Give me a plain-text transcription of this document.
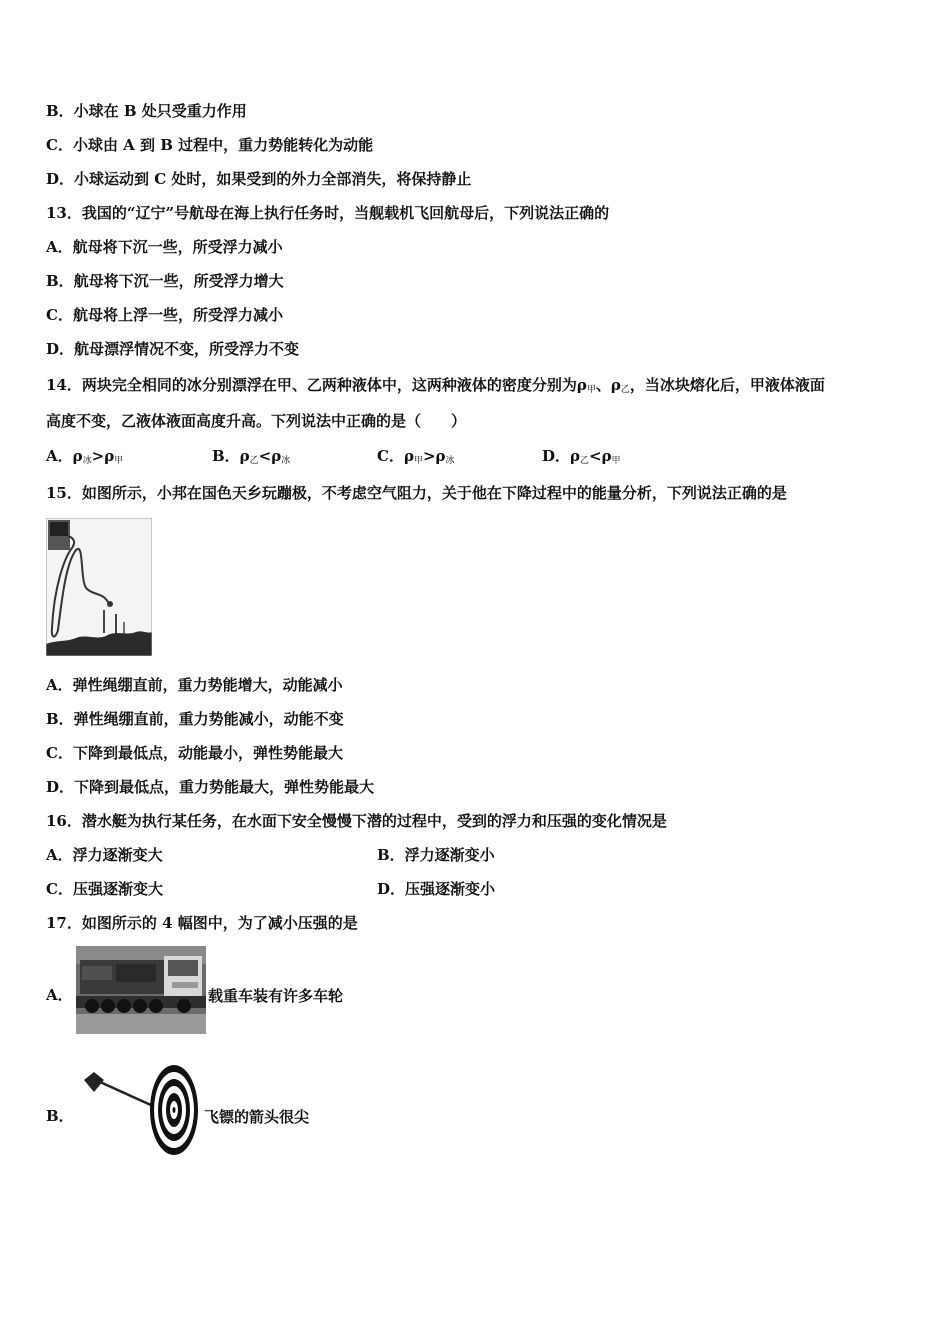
B．小球在 B 处只受重力作用
C．小球由 A 到 B 过程中，重力势能转化为动能
D．小球运动到 C 处时，如果受到的外力全部消失，将保持静止
13．我国的“辽宁”号航母在海上执行任务时，当舰载机飞回航母后，下列说法正确的
A．航母将下沉一些，所受浮力减小
B．航母将下沉一些，所受浮力增大
C．航母将上浮一些，所受浮力减小
D．航母漂浮情况不变，所受浮力不变
14．两块完全相同的冰分别漂浮在甲、乙两种液体中，这两种液体的密度分别为$\rho_甲$、$\rho_乙$，当冰块熔化后，甲液体液面
高度不变，乙液体液面高度升高。下列说法中正确的是（　　）
A．$\rho_冰>\rho_甲$	B．$\rho_乙<\rho_冰$	C．$\rho_甲>\rho_冰$	D．$\rho_乙<\rho_甲$
15．如图所示，小邦在国色天乡玩蹦极，不考虑空气阻力，关于他在下降过程中的能量分析，下列说法正确的是
A．弹性绳绷直前，重力势能增大，动能减小
B．弹性绳绷直前，重力势能减小，动能不变
C．下降到最低点，动能最小，弹性势能最大
D．下降到最低点，重力势能最大，弹性势能最大
16．潜水艇为执行某任务，在水面下安全慢慢下潜的过程中，受到的浮力和压强的变化情况是
A．浮力逐渐变大	B．浮力逐渐变小
C．压强逐渐变大	D．压强逐渐变小
17．如图所示的 4 幅图中，为了减小压强的是
A．	载重车装有许多车轮
B．	飞镖的箭头很尖
